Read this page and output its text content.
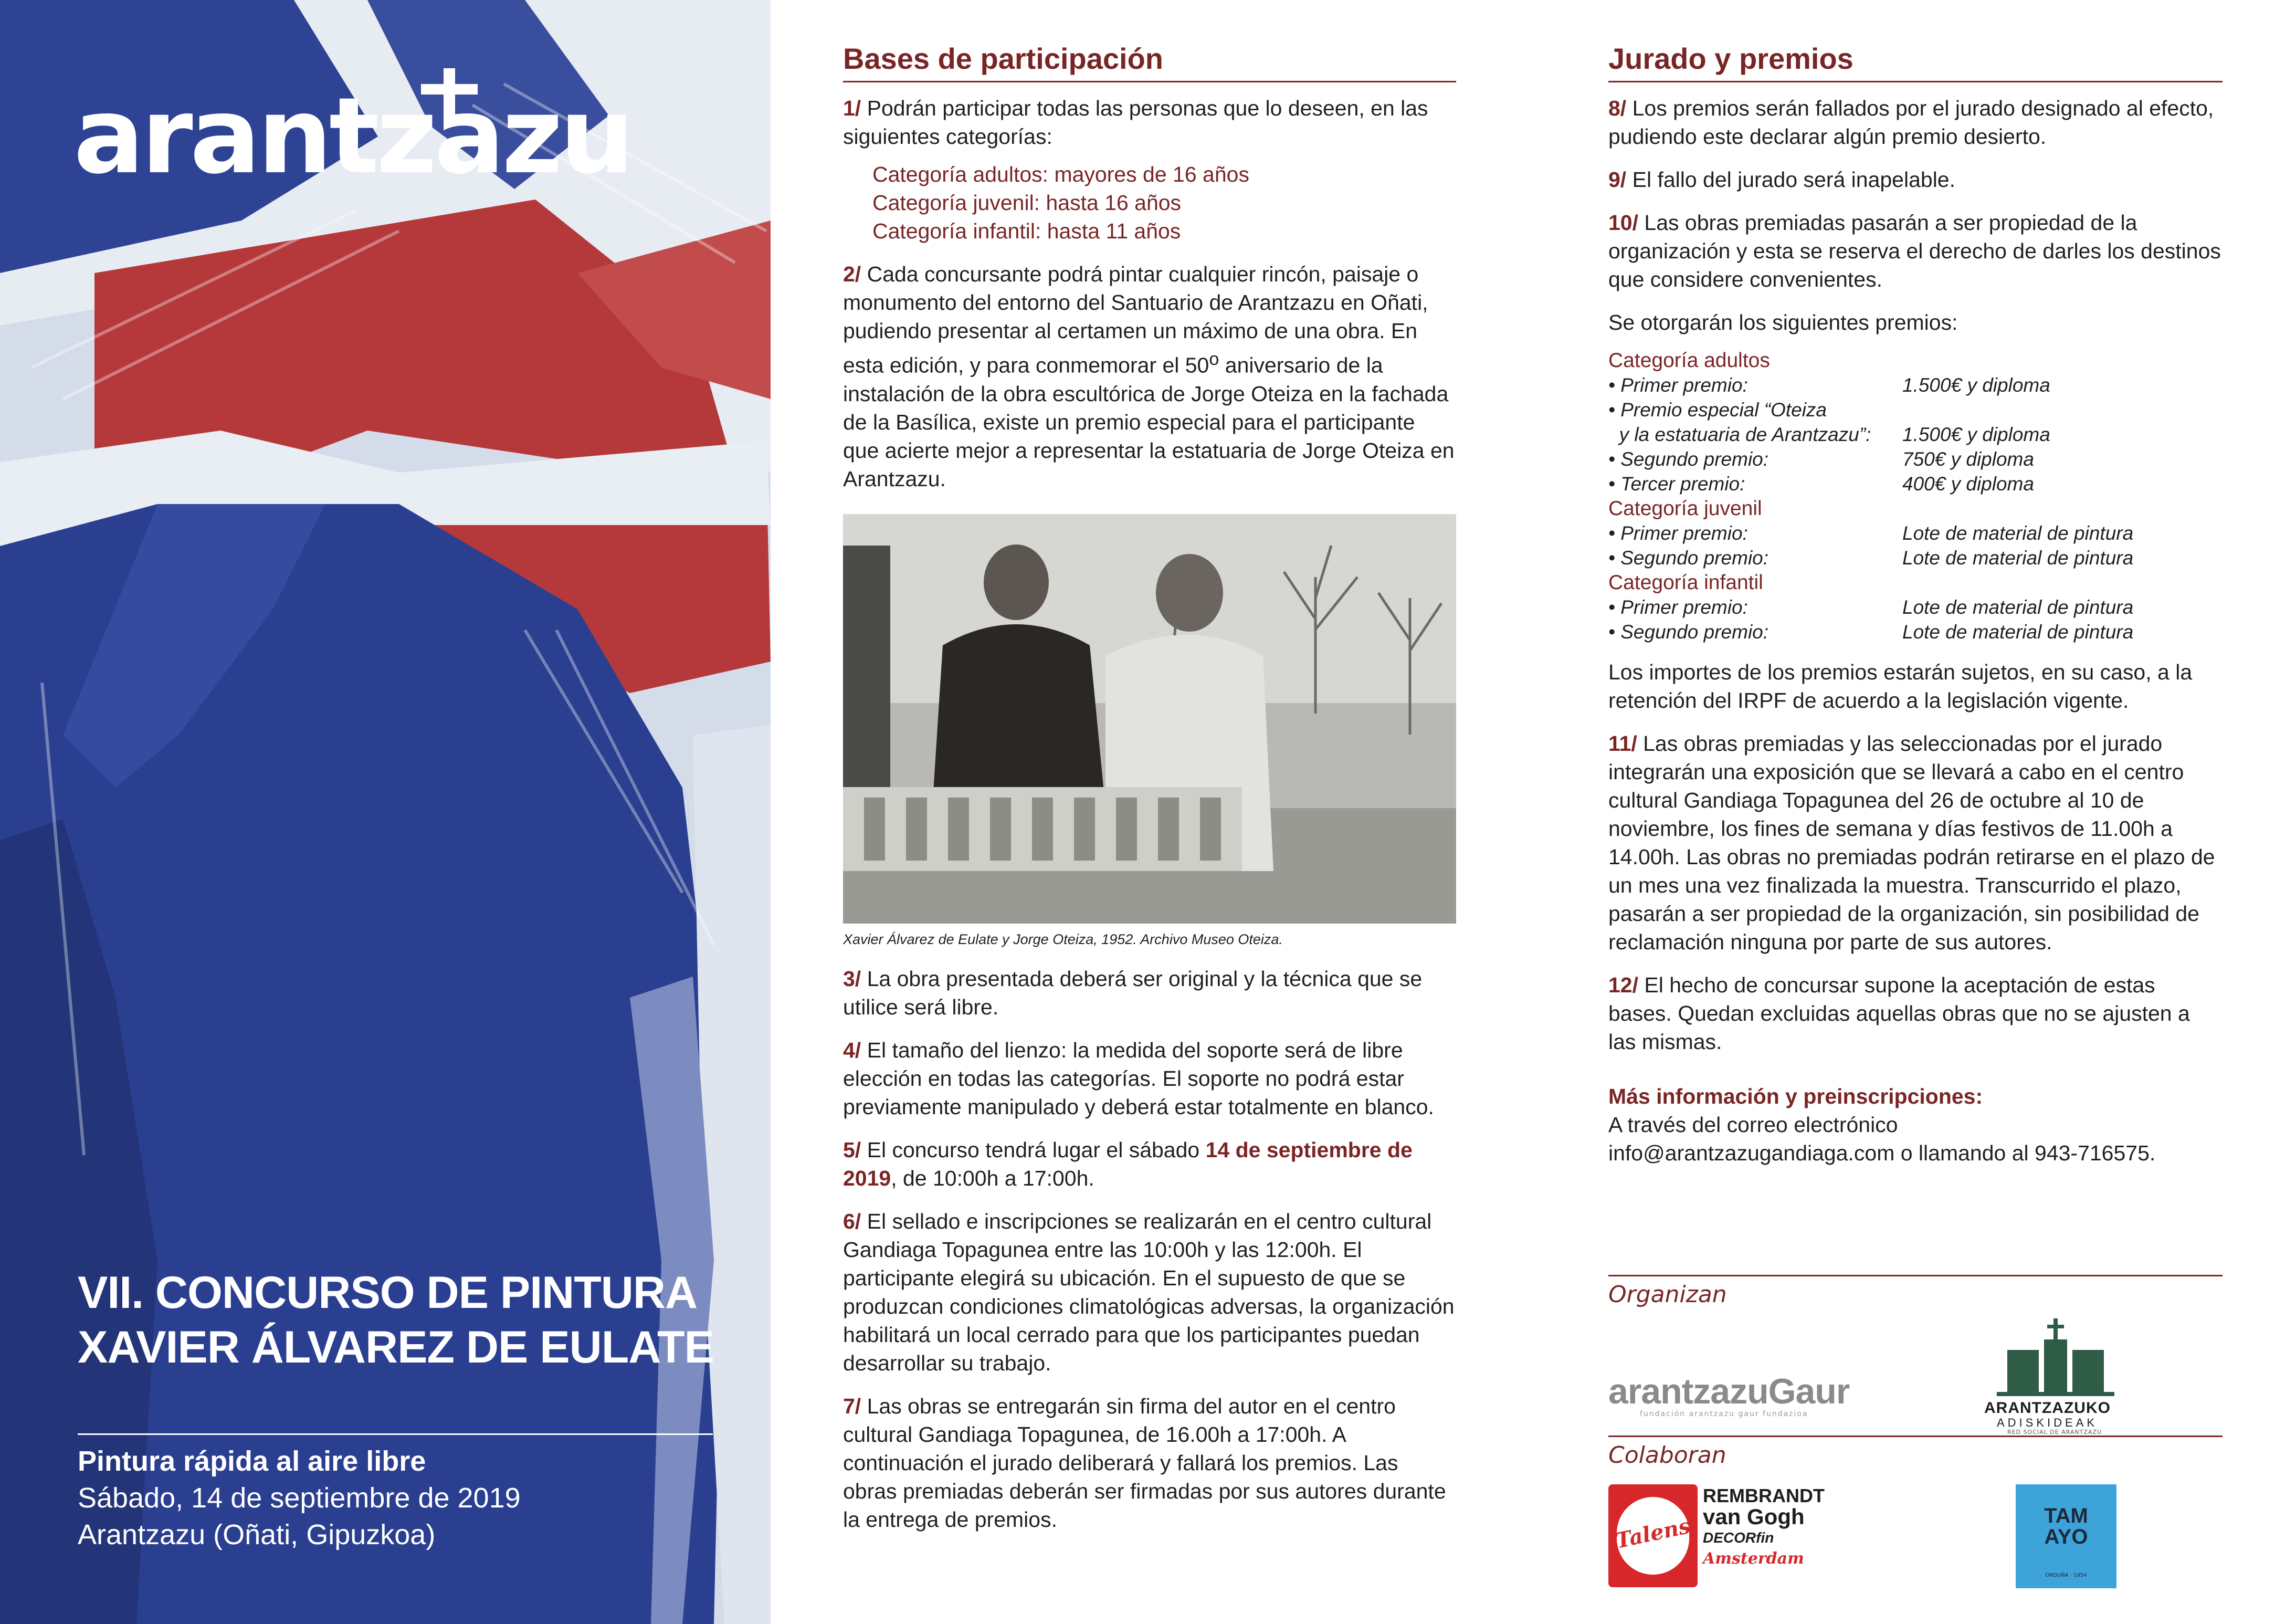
arantzazu
VII. CONCURSO DE PINTURA
XAVIER ÁLVAREZ DE EULATE
Pintura rápida al aire libre
Sábado, 14 de septiembre de 2019
Arantzazu (Oñati, Gipuzkoa)
Bases de participación
1/ Podrán participar todas las personas que lo deseen, en las siguientes categorías:
Categoría adultos: mayores de 16 años
Categoría juvenil: hasta 16 años
Categoría infantil: hasta 11 años
2/ Cada concursante podrá pintar cualquier rincón, paisaje o monumento del entorno del Santuario de Arantzazu en Oñati, pudiendo presentar al certamen un máximo de una obra. En esta edición, y para conmemorar el 50$^o$ aniversario de la instalación de la obra escultórica de Jorge Oteiza en la fachada de la Basílica, existe un premio especial para el participante que acierte mejor a representar la estatuaria de Jorge Oteiza en Arantzazu.
Xavier Álvarez de Eulate y Jorge Oteiza, 1952. Archivo Museo Oteiza.
3/ La obra presentada deberá ser original y la técnica que se utilice será libre.
4/ El tamaño del lienzo: la medida del soporte será de libre elección en todas las categorías. El soporte no podrá estar previamente manipulado y deberá estar totalmente en blanco.
5/ El concurso tendrá lugar el sábado 14 de septiembre de 2019, de 10:00h a 17:00h.
6/ El sellado e inscripciones se realizarán en el centro cultural Gandiaga Topagunea entre las 10:00h y las 12:00h. El participante elegirá su ubicación. En el supuesto de que se produzcan condiciones climatológicas adversas, la organización habilitará un local cerrado para que los participantes puedan desarrollar su trabajo.
7/ Las obras se entregarán sin firma del autor en el centro cultural Gandiaga Topagunea, de 16.00h a 17:00h. A continuación el jurado deliberará y fallará los premios. Las obras premiadas deberán ser firmadas por sus autores durante la entrega de premios.
Jurado y premios
8/ Los premios serán fallados por el jurado designado al efecto, pudiendo este declarar algún premio desierto.
9/ El fallo del jurado será inapelable.
10/ Las obras premiadas pasarán a ser propiedad de la organización y esta se reserva el derecho de darles los destinos que considere convenientes.
Se otorgarán los siguientes premios:
Categoría adultos
• Primer premio:	1.500€ y diploma
• Premio especial “Oteiza
y la estatuaria de Arantzazu”: 1.500€ y diploma
• Segundo premio:	750€ y diploma
• Tercer premio:	400€ y diploma
Categoría juvenil
• Primer premio:	Lote de material de pintura
• Segundo premio:	Lote de material de pintura
Categoría infantil
• Primer premio:	Lote de material de pintura
• Segundo premio:	Lote de material de pintura
Los importes de los premios estarán sujetos, en su caso, a la retención del IRPF de acuerdo a la legislación vigente.
11/ Las obras premiadas y las seleccionadas por el jurado integrarán una exposición que se llevará a cabo en el centro cultural Gandiaga Topagunea del 26 de octubre al 10 de noviembre, los fines de semana y días festivos de 11.00h a 14.00h. Las obras no premiadas podrán retirarse en el plazo de un mes una vez finalizada la muestra. Transcurrido el plazo, pasarán a ser propiedad de la organización, sin posibilidad de reclamación ninguna por parte de sus autores.
12/ El hecho de concursar supone la aceptación de estas bases. Quedan excluidas aquellas obras que no se ajusten a las mismas.
Más información y preinscripciones:
A través del correo electrónico
info@arantzazugandiaga.com o llamando al 943-716575.
Organizan
arantzazuGaur
fundación arantzazu gaur fundazioa	ARANTZAZUKO
ADISKIDEAK
RED SOCIAL DE ARANTZAZU
Colaboran
Talens
REMBRANDT
van Gogh
DECORfin
Amsterdam
TAMAYO
ORDUÑA · 1954
